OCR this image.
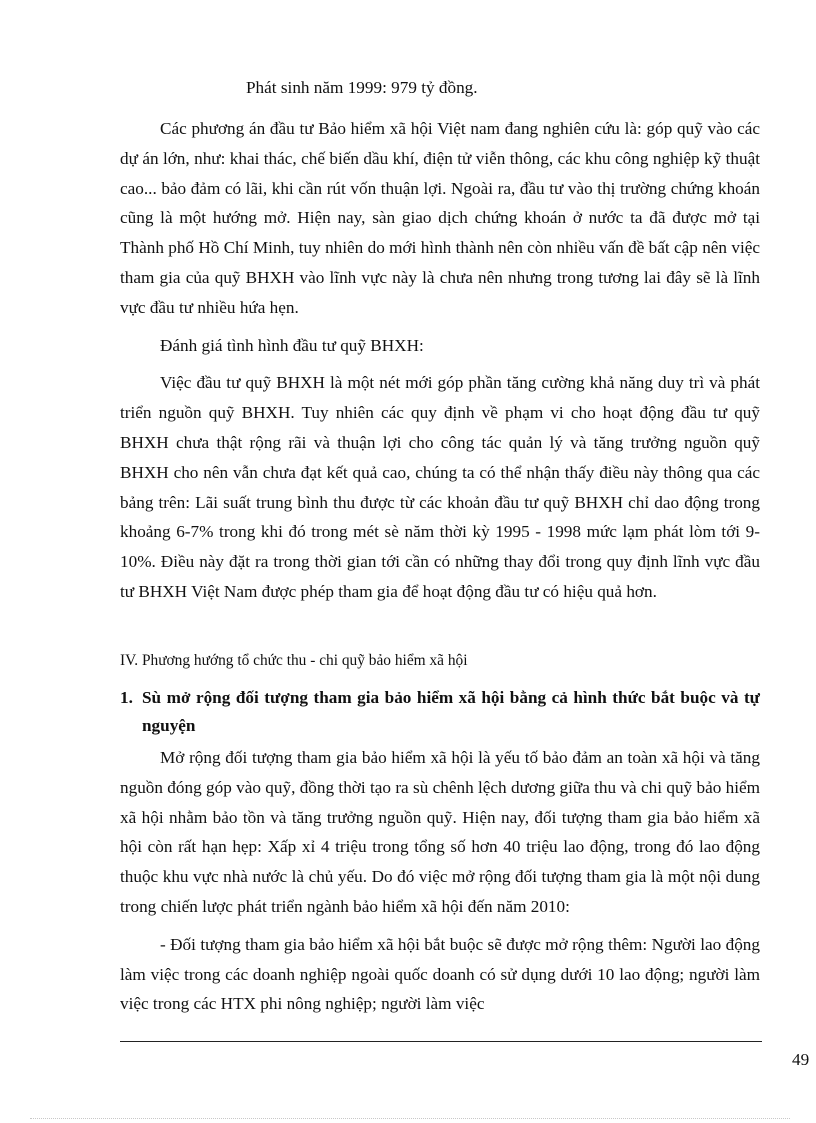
Phát sinh năm 1999: 979 tỷ đồng.

Các phương án đầu tư Bảo hiểm xã hội Việt nam đang nghiên cứu là: góp quỹ vào các dự án lớn, như: khai thác, chế biến dầu khí, điện tử viễn thông, các khu công nghiệp kỹ thuật cao... bảo đảm có lãi, khi cần rút vốn thuận lợi. Ngoài ra, đầu tư vào thị trường chứng khoán cũng là một hướng mở. Hiện nay, sàn giao dịch chứng khoán ở nước ta đã được mở tại Thành phố Hồ Chí Minh, tuy nhiên do mới hình thành nên còn nhiều vấn đề bất cập nên việc tham gia của quỹ BHXH vào lĩnh vực này là chưa nên nhưng trong tương lai đây sẽ là lĩnh vực đầu tư nhiều hứa hẹn.

Đánh giá tình hình đầu tư quỹ BHXH:

Việc đầu tư quỹ BHXH là một nét mới góp phần tăng cường khả năng duy trì và phát triển nguồn quỹ BHXH. Tuy nhiên các quy định về phạm vi cho hoạt động đầu tư quỹ BHXH chưa thật rộng rãi và thuận lợi cho công tác quản lý và tăng trưởng nguồn quỹ BHXH cho nên vẫn chưa đạt kết quả cao, chúng ta có thể nhận thấy điều này thông qua các bảng trên: Lãi suất trung bình thu được từ các khoản đầu tư quỹ BHXH chỉ dao động trong khoảng 6-7% trong khi đó trong mét sè năm thời kỳ 1995 - 1998 mức lạm phát lòm tới 9-10%. Điều này đặt ra trong thời gian tới cần có những thay đổi trong quy định lĩnh vực đầu tư BHXH Việt Nam được phép tham gia để hoạt động đầu tư có hiệu quả hơn.

IV. Phương hướng tổ chức thu - chi quỹ bảo hiểm xã hội
1. Sù mở rộng đối tượng tham gia bảo hiểm xã hội bằng cả hình thức bắt buộc và tự nguyện

Mở rộng đối tượng tham gia bảo hiểm xã hội là yếu tố bảo đảm an toàn xã hội và tăng nguồn đóng góp vào quỹ, đồng thời tạo ra sù chênh lệch dương giữa thu và chi quỹ bảo hiểm xã hội nhằm bảo tồn và tăng trưởng nguồn quỹ. Hiện nay, đối tượng tham gia bảo hiểm xã hội còn rất hạn hẹp: Xấp xỉ 4 triệu trong tổng số hơn 40 triệu lao động, trong đó lao động thuộc khu vực nhà nước là chủ yếu. Do đó việc mở rộng đối tượng tham gia là một nội dung trong chiến lược phát triển ngành bảo hiểm xã hội đến năm 2010:

- Đối tượng tham gia bảo hiểm xã hội bắt buộc sẽ được mở rộng thêm: Người lao động làm việc trong các doanh nghiệp ngoài quốc doanh có sử dụng dưới 10 lao động; người làm việc trong các HTX phi nông nghiệp; người làm việc

49
